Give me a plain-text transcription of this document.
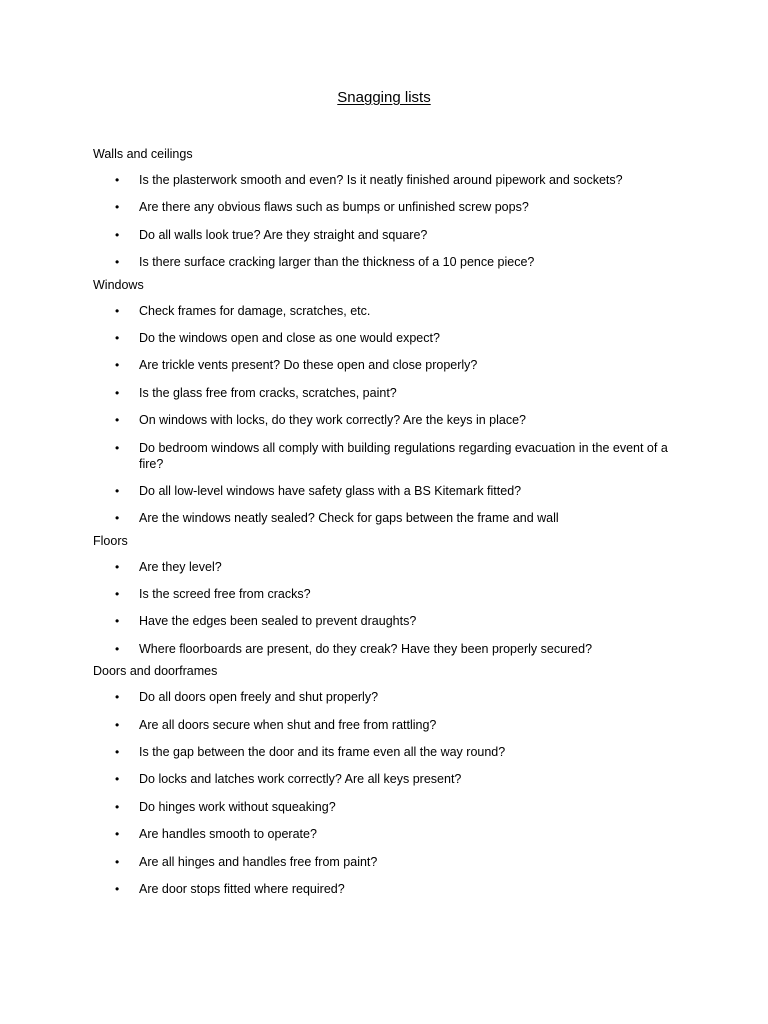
Snagging lists
Walls and ceilings
• Is the plasterwork smooth and even? Is it neatly finished around pipework and sockets?
• Are there any obvious flaws such as bumps or unfinished screw pops?
• Do all walls look true? Are they straight and square?
• Is there surface cracking larger than the thickness of a 10 pence piece?
Windows
• Check frames for damage, scratches, etc.
• Do the windows open and close as one would expect?
• Are trickle vents present? Do these open and close properly?
• Is the glass free from cracks, scratches, paint?
• On windows with locks, do they work correctly? Are the keys in place?
• Do bedroom windows all comply with building regulations regarding evacuation in the event of a fire?
• Do all low-level windows have safety glass with a BS Kitemark fitted?
• Are the windows neatly sealed? Check for gaps between the frame and wall
Floors
• Are they level?
• Is the screed free from cracks?
• Have the edges been sealed to prevent draughts?
• Where floorboards are present, do they creak? Have they been properly secured?
Doors and doorframes
• Do all doors open freely and shut properly?
• Are all doors secure when shut and free from rattling?
• Is the gap between the door and its frame even all the way round?
• Do locks and latches work correctly? Are all keys present?
• Do hinges work without squeaking?
• Are handles smooth to operate?
• Are all hinges and handles free from paint?
• Are door stops fitted where required?
